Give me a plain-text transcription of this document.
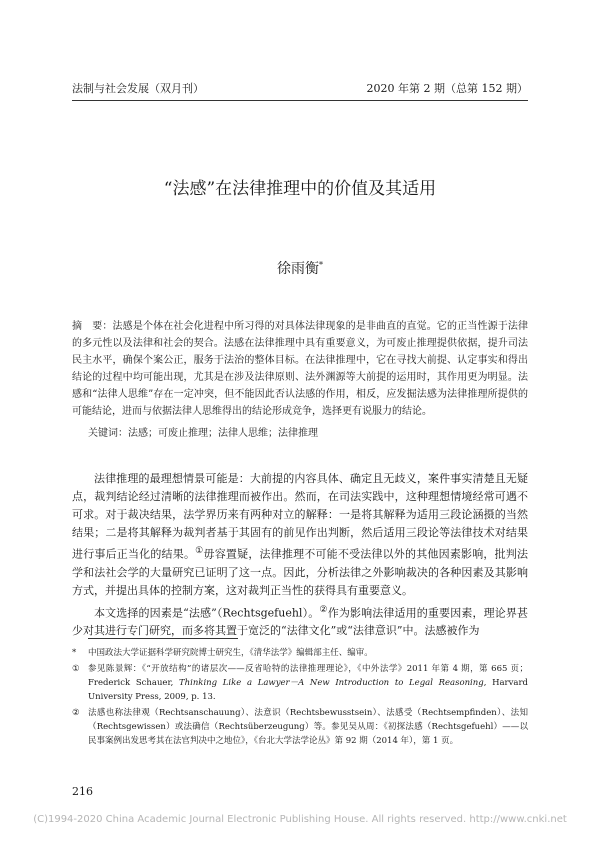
法制与社会发展（双月刊）	2020 年第 2 期（总第 152 期）
“法感”在法律推理中的价值及其适用
徐雨衡*
摘　要：法感是个体在社会化进程中所习得的对具体法律现象的是非曲直的直觉。它的正当性源于法律的多元性以及法律和社会的契合。法感在法律推理中具有重要意义，为可废止推理提供依据，提升司法民主水平，确保个案公正，服务于法治的整体目标。在法律推理中，它在寻找大前提、认定事实和得出结论的过程中均可能出现，尤其是在涉及法律原则、法外渊源等大前提的运用时，其作用更为明显。法感和“法律人思维”存在一定冲突，但不能因此否认法感的作用，相反，应发掘法感为法律推理所提供的可能结论，进而与依据法律人思维得出的结论形成竞争，选择更有说服力的结论。
关键词：法感；可废止推理；法律人思维；法律推理

法律推理的最理想情景可能是：大前提的内容具体、确定且无歧义，案件事实清楚且无疑点，裁判结论经过清晰的法律推理而被作出。然而，在司法实践中，这种理想情境经常可遇不可求。对于裁决结果，法学界历来有两种对立的解释：一是将其解释为适用三段论涵摄的当然结果；二是将其解释为裁判者基于其固有的前见作出判断，然后适用三段论等法律技术对结果进行事后正当化的结果。①毋容置疑，法律推理不可能不受法律以外的其他因素影响，批判法学和法社会学的大量研究已证明了这一点。因此，分析法律之外影响裁决的各种因素及其影响方式，并提出具体的控制方案，这对裁判正当性的获得具有重要意义。

本文选择的因素是“法感”（Rechtsgefuehl）。②作为影响法律适用的重要因素，理论界甚少对其进行专门研究，而多将其置于宽泛的“法律文化”或“法律意识”中。法感被作为

* 中国政法大学证据科学研究院博士研究生，《清华法学》编辑部主任、编审。
① 参见陈景辉：《“开放结构”的诸层次——反省哈特的法律推理理论》，《中外法学》2011 年第 4 期，第 665 页；Frederick Schauer, Thinking Like a Lawyer－A New Introduction to Legal Reasoning, Harvard University Press, 2009, p. 13.
② 法感也称法律观（Rechtsanschauung）、法意识（Rechtsbewusstsein）、法感受（Rechtsempfinden）、法知（Rechtsgewissen）或法确信（Rechtsüberzeugung）等。参见吴从周：《初探法感（Rechtsgefuehl）——以民事案例出发思考其在法官判决中之地位》，《台北大学法学论丛》第 92 期（2014 年），第 1 页。
216
(C)1994-2020 China Academic Journal Electronic Publishing House. All rights reserved. http://www.cnki.net
